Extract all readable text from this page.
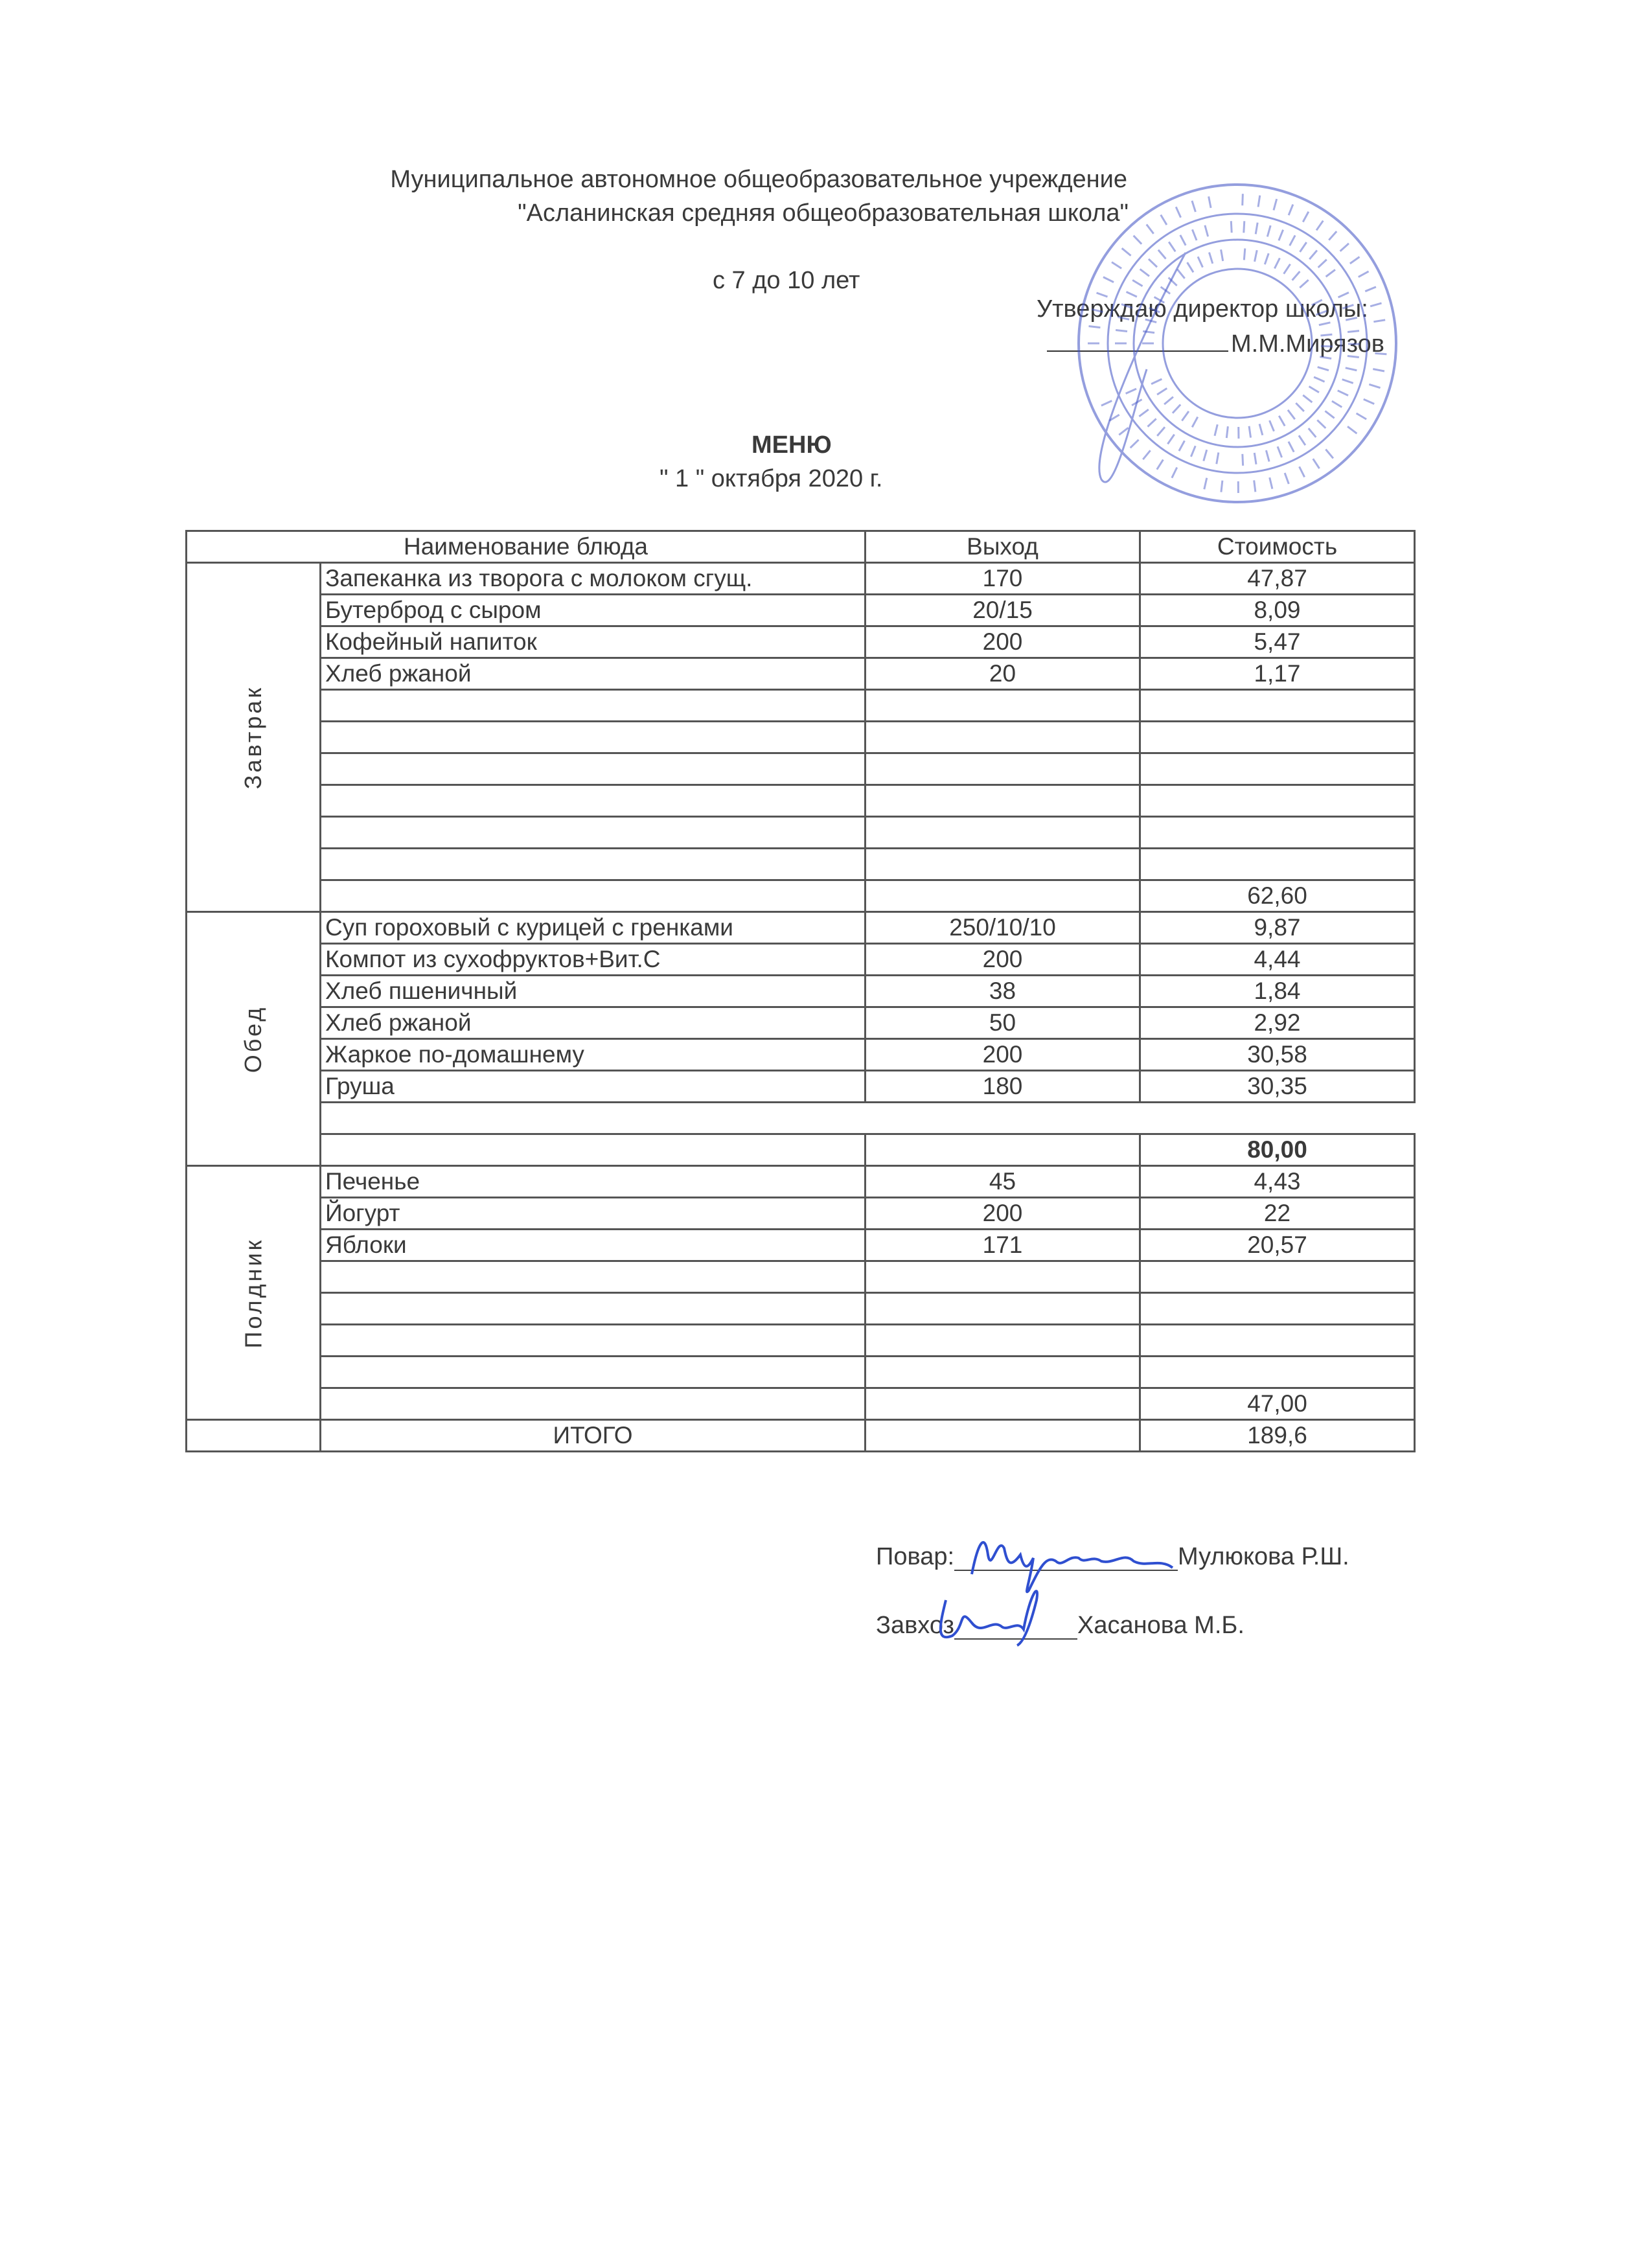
Муниципальное автономное общеобразовательное учреждение
"Асланинская средняя общеобразовательная школа"
с 7 до 10 лет
Утверждаю директор школы:
М.М.Мирязов
МЕНЮ
" 1 " октября 2020 г.
Наименование блюда		Выход	Стоимость
Завтрак	Запеканка из творога с молоком сгущ.	170	47,87
	Бутерброд с сыром	20/15	8,09
	Кофейный напиток	200	5,47
	Хлеб ржаной	20	1,17

			62,60
Обед	Суп гороховый с курицей с гренками	250/10/10	9,87
	Компот из сухофруктов+Вит.С	200	4,44
	Хлеб пшеничный	38	1,84
	Хлеб ржаной	50	2,92
	Жаркое по-домашнему	200	30,58
	Груша	180	30,35

			80,00
Полдник	Печенье	45	4,43
	Йогурт	200	22
	Яблоки	171	20,57

			47,00
	ИТОГО		189,6
Повар:	Мулюкова Р.Ш.
Завхоз	Хасанова М.Б.
